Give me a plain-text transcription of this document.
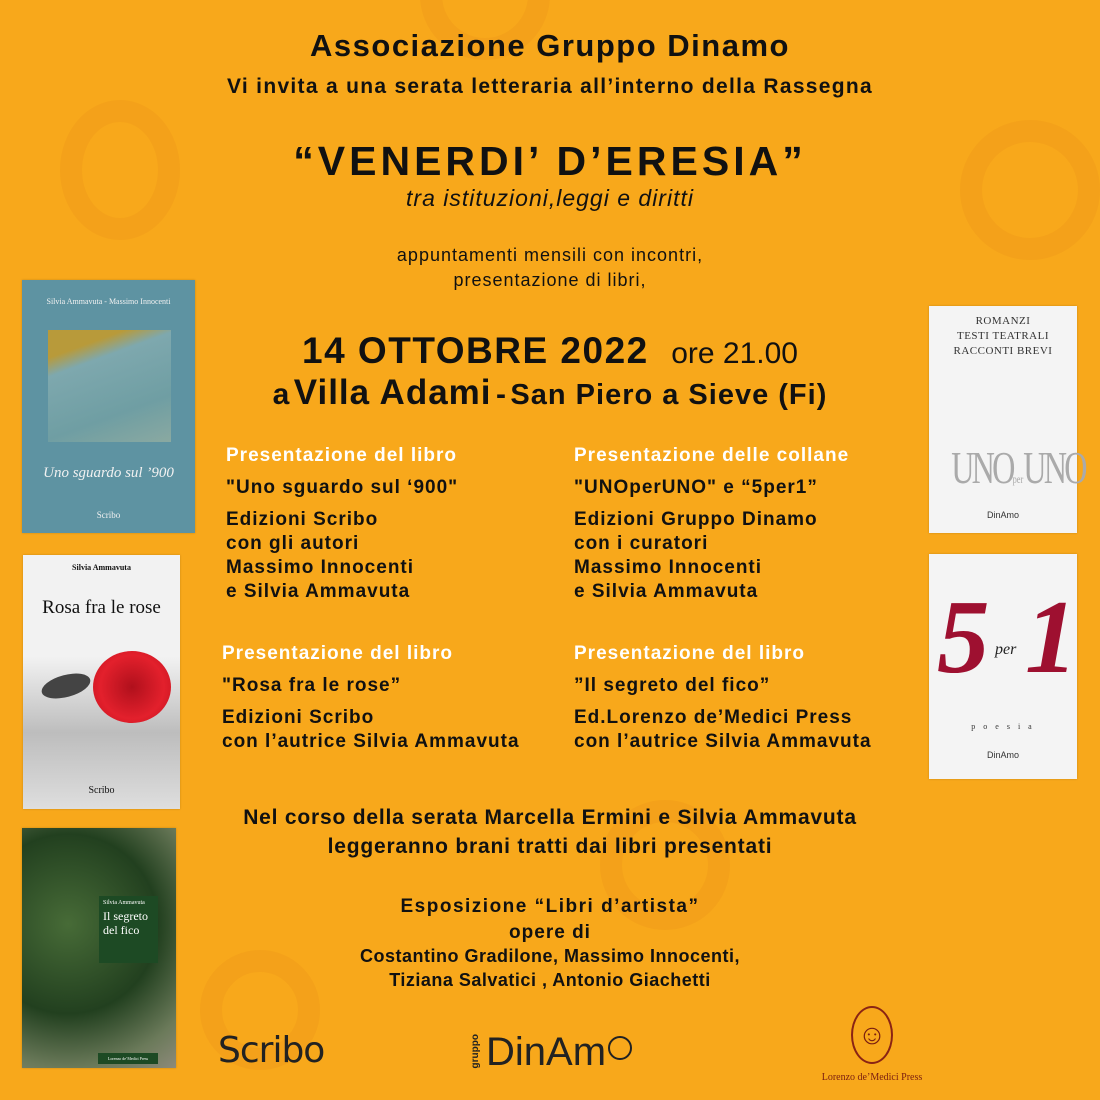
Associazione Gruppo Dinamo
Vi invita a una serata letteraria all’interno della Rassegna
“VENERDI’ D’ERESIA”
tra istituzioni,leggi e diritti
appuntamenti mensili con incontri,
presentazione di libri,
14 OTTOBRE 2022 ore 21.00
a Villa Adami - San Piero a Sieve (Fi)
Presentazione del libro
"Uno sguardo sul ‘900"
Edizioni Scribo
con gli autori
Massimo Innocenti
e Silvia Ammavuta
Presentazione delle collane
"UNOperUNO" e “5per1”
Edizioni Gruppo Dinamo
con i curatori
Massimo Innocenti
e Silvia Ammavuta
Presentazione del libro
"Rosa fra le rose”
Edizioni Scribo
con l’autrice Silvia Ammavuta
Presentazione del libro
”Il segreto del fico”
Ed.Lorenzo de’Medici Press
con l’autrice Silvia Ammavuta
Nel corso della serata Marcella Ermini e Silvia Ammavuta
leggeranno brani tratti dai libri presentati
Esposizione “Libri d’artista”
opere di
Costantino Gradilone, Massimo Innocenti,
Tiziana Salvatici , Antonio Giachetti
Silvia Ammavuta - Massimo Innocenti
Uno sguardo sul ’900
Scribo
Silvia Ammavuta
Rosa fra le rose
Scribo
Silvia Ammavuta
Il segreto
del fico
Lorenzo de’Medici Press
ROMANZI
TESTI TEATRALI
RACCONTI BREVI
UNOperUNO
DinAmo
5 per 1
p o e s i a
DinAmo
Scribo	gruppo DinAm	☺
Lorenzo de’Medici Press
